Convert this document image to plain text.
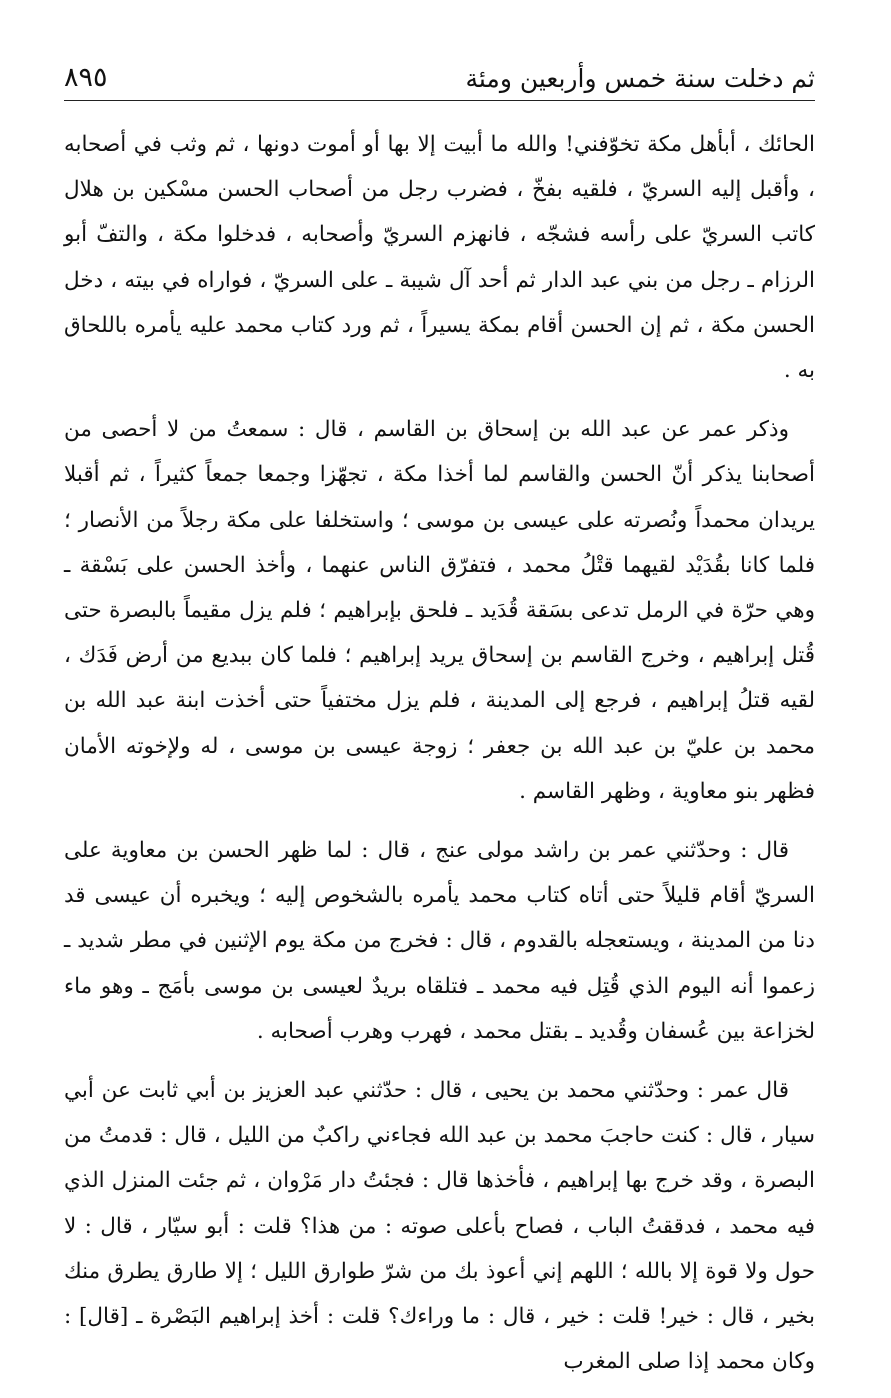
ثم دخلت سنة خمس وأربعين ومئة
٨٩٥

الحائك ، أبأهل مكة تخوّفني! والله ما أبيت إلا بها أو أموت دونها ، ثم وثب في أصحابه ، وأقبل إليه السريّ ، فلقيه بفخّ ، فضرب رجل من أصحاب الحسن مسْكين بن هلال كاتب السريّ على رأسه فشجّه ، فانهزم السريّ وأصحابه ، فدخلوا مكة ، والتفّ أبو الرزام ـ رجل من بني عبد الدار ثم أحد آل شيبة ـ على السريّ ، فواراه في بيته ، دخل الحسن مكة ، ثم إن الحسن أقام بمكة يسيراً ، ثم ورد كتاب محمد عليه يأمره باللحاق به .

وذكر عمر عن عبد الله بن إسحاق بن القاسم ، قال : سمعتُ من لا أحصى من أصحابنا يذكر أنّ الحسن والقاسم لما أخذا مكة ، تجهّزا وجمعا جمعاً كثيراً ، ثم أقبلا يريدان محمداً ونُصرته على عيسى بن موسى ؛ واستخلفا على مكة رجلاً من الأنصار ؛ فلما كانا بقُدَيْد لقيهما قتْلُ محمد ، فتفرّق الناس عنهما ، وأخذ الحسن على بَسْقة ـ وهي حرّة في الرمل تدعى بسَقة قُدَيد ـ فلحق بإبراهيم ؛ فلم يزل مقيماً بالبصرة حتى قُتل إبراهيم ، وخرج القاسم بن إسحاق يريد إبراهيم ؛ فلما كان ببديع من أرض فَدَك ، لقيه قتلُ إبراهيم ، فرجع إلى المدينة ، فلم يزل مختفياً حتى أخذت ابنة عبد الله بن محمد بن عليّ بن عبد الله بن جعفر ؛ زوجة عيسى بن موسى ، له ولإخوته الأمان فظهر بنو معاوية ، وظهر القاسم .

قال : وحدّثني عمر بن راشد مولى عنج ، قال : لما ظهر الحسن بن معاوية على السريّ أقام قليلاً حتى أتاه كتاب محمد يأمره بالشخوص إليه ؛ ويخبره أن عيسى قد دنا من المدينة ، ويستعجله بالقدوم ، قال : فخرج من مكة يوم الإثنين في مطر شديد ـ زعموا أنه اليوم الذي قُتِل فيه محمد ـ فتلقاه بريدٌ لعيسى بن موسى بأمَج ـ وهو ماء لخزاعة بين عُسفان وقُديد ـ بقتل محمد ، فهرب وهرب أصحابه .

قال عمر : وحدّثني محمد بن يحيى ، قال : حدّثني عبد العزيز بن أبي ثابت عن أبي سيار ، قال : كنت حاجبَ محمد بن عبد الله فجاءني راكبٌ من الليل ، قال : قدمتُ من البصرة ، وقد خرج بها إبراهيم ، فأخذها قال : فجئتُ دار مَرْوان ، ثم جئت المنزل الذي فيه محمد ، فدققتُ الباب ، فصاح بأعلى صوته : من هذا؟ قلت : أبو سيّار ، قال : لا حول ولا قوة إلا بالله ؛ اللهم إني أعوذ بك من شرّ طوارق الليل ؛ إلا طارق يطرق منك بخير ، قال : خير! قلت : خير ، قال : ما وراءك؟ قلت : أخذ إبراهيم البَصْرة ـ [قال] : وكان محمد إذا صلى المغرب
